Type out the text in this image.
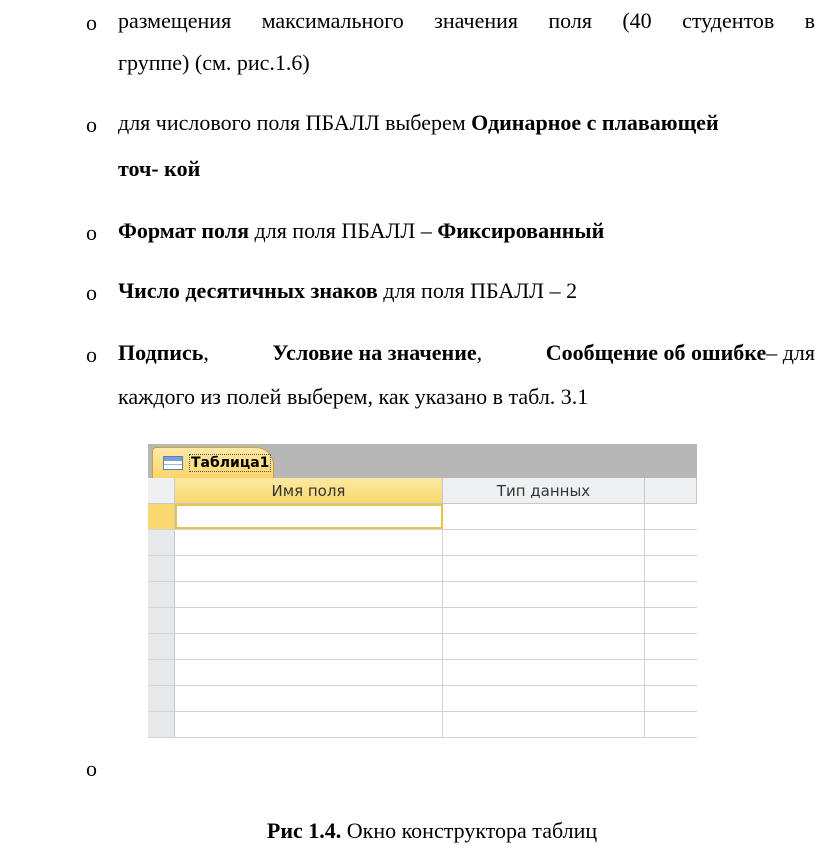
o размещения максимального значения поля (40 студентов в
группе) (см. рис.1.6)
o для числового поля ПБАЛЛ выберем Одинарное с плавающей
точ- кой
o Формат поля для поля ПБАЛЛ – Фиксированный
o Число десятичных знаков для поля ПБАЛЛ – 2
o Подпись,	Условие на значение,	Сообщение об ошибке– для
каждого из полей выберем, как указано в табл. 3.1
Таблица1
Имя поля	Тип данных
o
Рис 1.4. Окно конструктора таблиц
